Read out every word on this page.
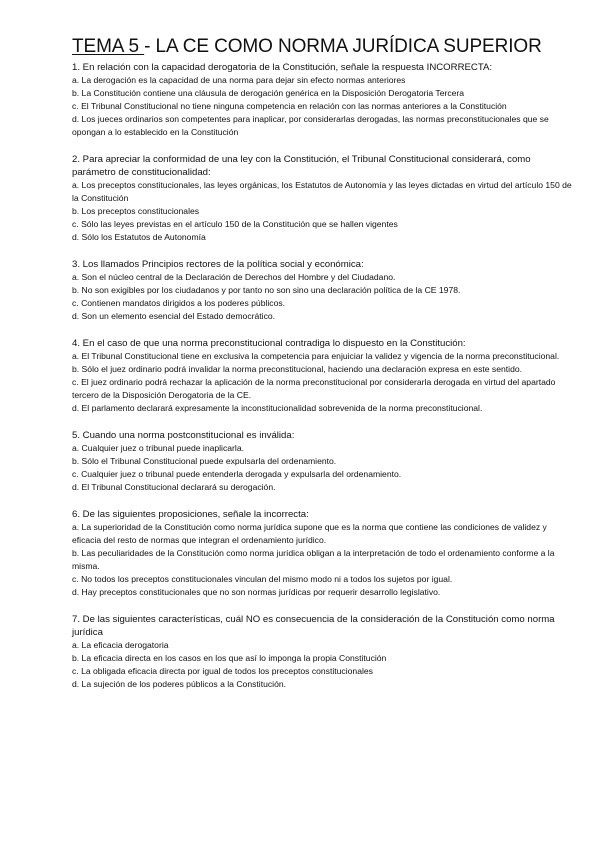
TEMA 5 - LA CE COMO NORMA JURÍDICA SUPERIOR
1. En relación con la capacidad derogatoria de la Constitución, señale la respuesta INCORRECTA:
a. La derogación es la capacidad de una norma para dejar sin efecto normas anteriores
b. La Constitución contiene una cláusula de derogación genérica en la Disposición Derogatoria Tercera
c. El Tribunal Constitucional no tiene ninguna competencia en relación con las normas anteriores a la Constitución
d. Los jueces ordinarios son competentes para inaplicar, por considerarlas derogadas, las normas preconstitucionales que se opongan a lo establecido en la Constitución
2. Para apreciar la conformidad de una ley con la Constitución, el Tribunal Constitucional considerará, como parámetro de constitucionalidad:
a. Los preceptos constitucionales, las leyes orgánicas, los Estatutos de Autonomía y las leyes dictadas en virtud del artículo 150 de la Constitución
b. Los preceptos constitucionales
c. Sólo las leyes previstas en el artículo 150 de la Constitución que se hallen vigentes
d. Sólo los Estatutos de Autonomía
3. Los llamados Principios rectores de la política social y económica:
a. Son el núcleo central de la Declaración de Derechos del Hombre y del Ciudadano.
b. No son exigibles por los ciudadanos y por tanto no son sino una declaración política de la CE 1978.
c. Contienen mandatos dirigidos a los poderes públicos.
d. Son un elemento esencial del Estado democrático.
4. En el caso de que una norma preconstitucional contradiga lo dispuesto en la Constitución:
a. El Tribunal Constitucional tiene en exclusiva la competencia para enjuiciar la validez y vigencia de la norma preconstitucional.
b. Sólo el juez ordinario podrá invalidar la norma preconstitucional, haciendo una declaración expresa en este sentido.
c. El juez ordinario podrá rechazar la aplicación de la norma preconstitucional por considerarla derogada en virtud del apartado tercero de la Disposición Derogatoria de la CE.
d. El parlamento declarará expresamente la inconstitucionalidad sobrevenida de la norma preconstitucional.
5. Cuando una norma postconstitucional es inválida:
a. Cualquier juez o tribunal puede inaplicarla.
b. Sólo el Tribunal Constitucional puede expulsarla del ordenamiento.
c. Cualquier juez o tribunal puede entenderla derogada y expulsarla del ordenamiento.
d. El Tribunal Constitucional declarará su derogación.
6. De las siguientes proposiciones, señale la incorrecta:
a. La superioridad de la Constitución como norma jurídica supone que es la norma que contiene las condiciones de validez y eficacia del resto de normas que integran el ordenamiento jurídico.
b. Las peculiaridades de la Constitución como norma jurídica obligan a la interpretación de todo el ordenamiento conforme a la misma.
c. No todos los preceptos constitucionales vinculan del mismo modo ni a todos los sujetos por igual.
d. Hay preceptos constitucionales que no son normas jurídicas por requerir desarrollo legislativo.
7. De las siguientes características, cuál NO es consecuencia de la consideración de la Constitución como norma jurídica
a. La eficacia derogatoria
b. La eficacia directa en los casos en los que así lo imponga la propia Constitución
c. La obligada eficacia directa por igual de todos los preceptos constitucionales
d. La sujeción de los poderes públicos a la Constitución.
